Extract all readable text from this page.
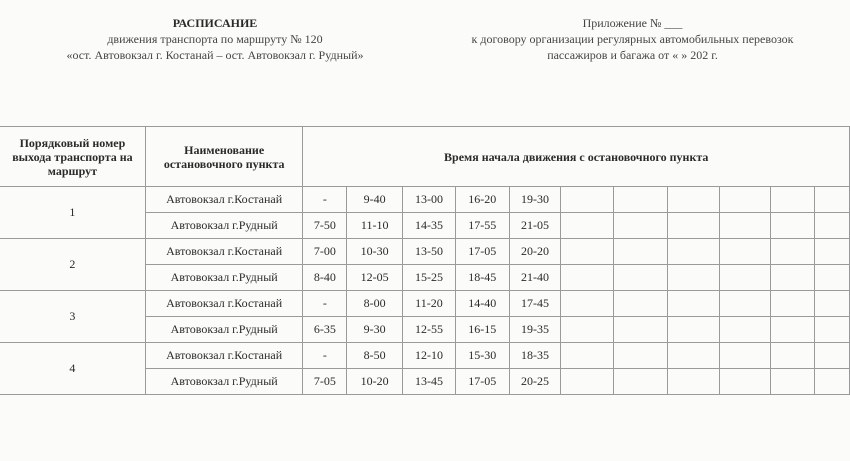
РАСПИСАНИЕ
движения транспорта по маршруту № 120
«ост. Автовокзал г. Костанай – ост. Автовокзал г. Рудный»
Приложение № ___
к договору организации регулярных автомобильных перевозок
пассажиров и багажа от « » 202 г.
Порядковый номер выхода транспорта на маршрут	Наименование остановочного пункта	Время начала движения с остановочного пункта										
1	Автовокзал г.Костанай	-	9-40	13-00	16-20	19-30						
	Автовокзал г.Рудный	7-50	11-10	14-35	17-55	21-05						
2	Автовокзал г.Костанай	7-00	10-30	13-50	17-05	20-20						
	Автовокзал г.Рудный	8-40	12-05	15-25	18-45	21-40						
3	Автовокзал г.Костанай	-	8-00	11-20	14-40	17-45						
	Автовокзал г.Рудный	6-35	9-30	12-55	16-15	19-35						
4	Автовокзал г.Костанай	-	8-50	12-10	15-30	18-35						
	Автовокзал г.Рудный	7-05	10-20	13-45	17-05	20-25						
